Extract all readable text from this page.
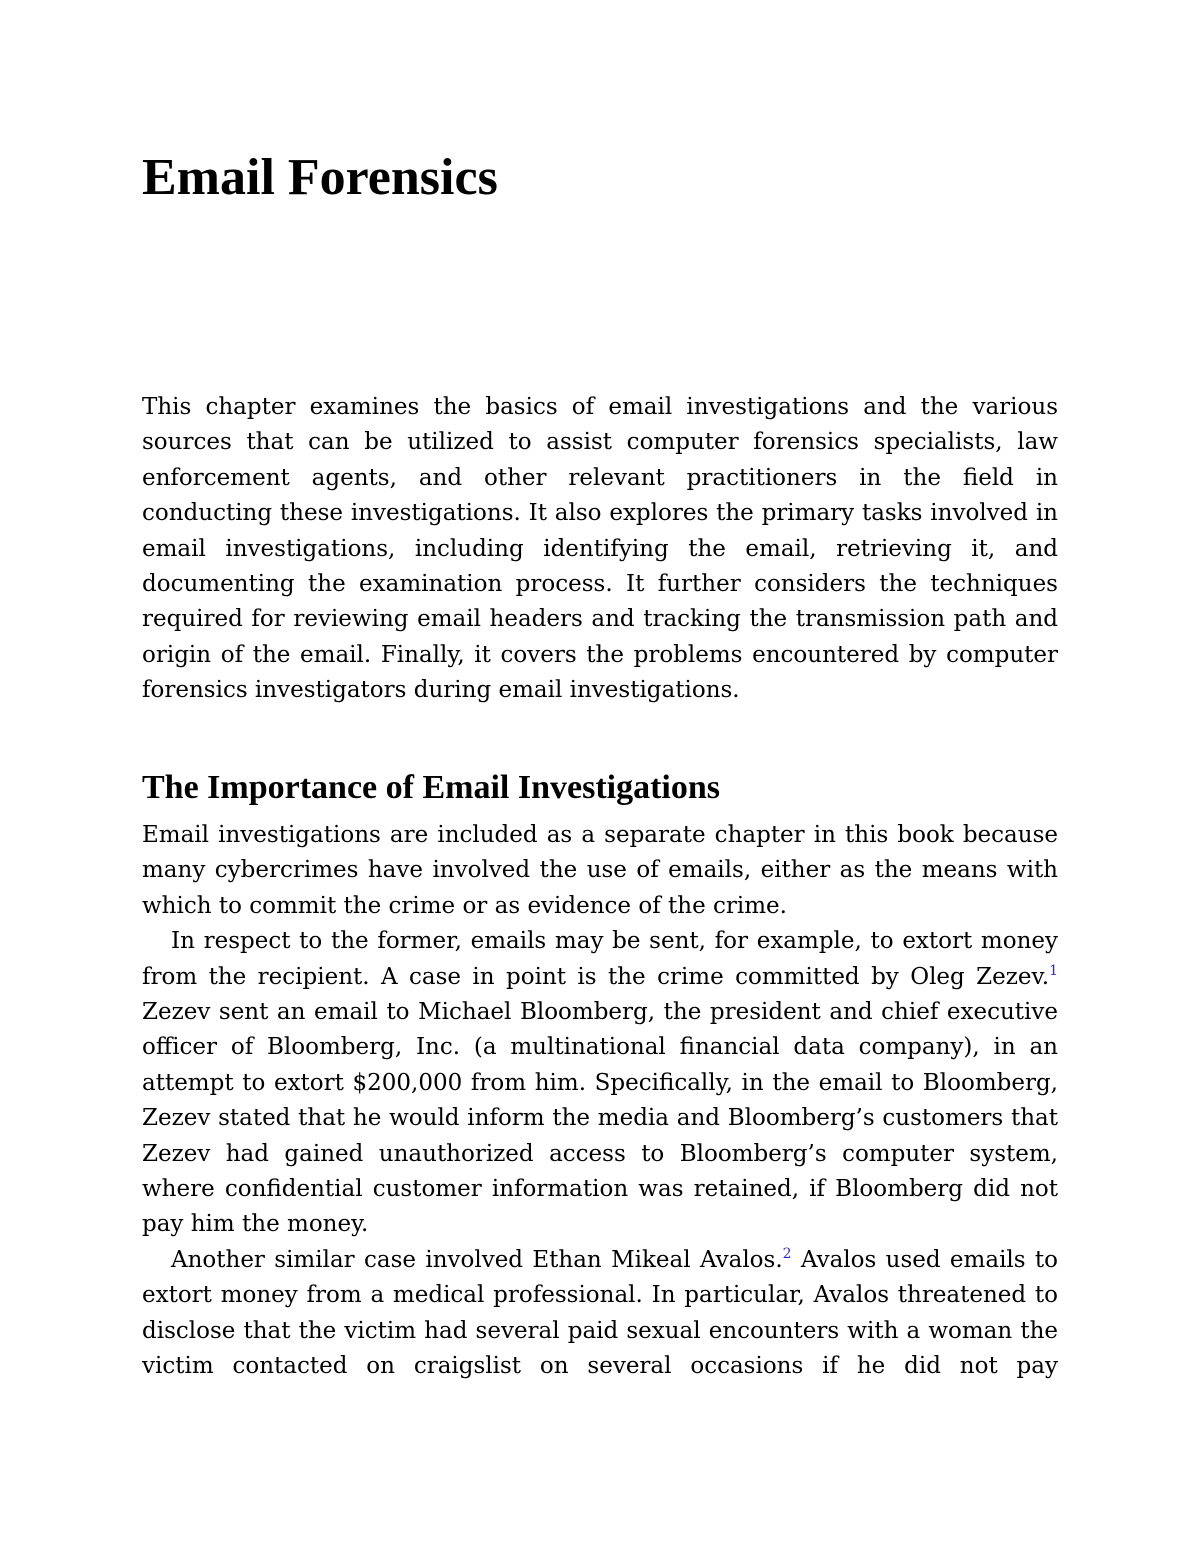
Email Forensics

This chapter examines the basics of email investigations and the various sources that can be utilized to assist computer forensics specialists, law enforcement agents, and other relevant practitioners in the field in conducting these investigations. It also explores the primary tasks involved in email investigations, including identifying the email, retrieving it, and documenting the examination process. It further considers the techniques required for reviewing email headers and tracking the transmission path and origin of the email. Finally, it covers the problems encountered by computer forensics investigators during email investigations.

The Importance of Email Investigations

Email investigations are included as a separate chapter in this book because many cybercrimes have involved the use of emails, either as the means with which to commit the crime or as evidence of the crime.

In respect to the former, emails may be sent, for example, to extort money from the recipient. A case in point is the crime committed by Oleg Zezev.$^1$ Zezev sent an email to Michael Bloomberg, the president and chief executive officer of Bloomberg, Inc. (a multinational financial data company), in an attempt to extort $200,000 from him. Specifically, in the email to Bloomberg, Zezev stated that he would inform the media and Bloomberg’s customers that Zezev had gained unauthorized access to Bloomberg’s computer system, where confidential customer information was retained, if Bloomberg did not pay him the money.

Another similar case involved Ethan Mikeal Avalos.$^2$ Avalos used emails to extort money from a medical professional. In particular, Avalos threatened to disclose that the victim had several paid sexual encounters with a woman the victim contacted on craigslist on several occasions if he did not pay
